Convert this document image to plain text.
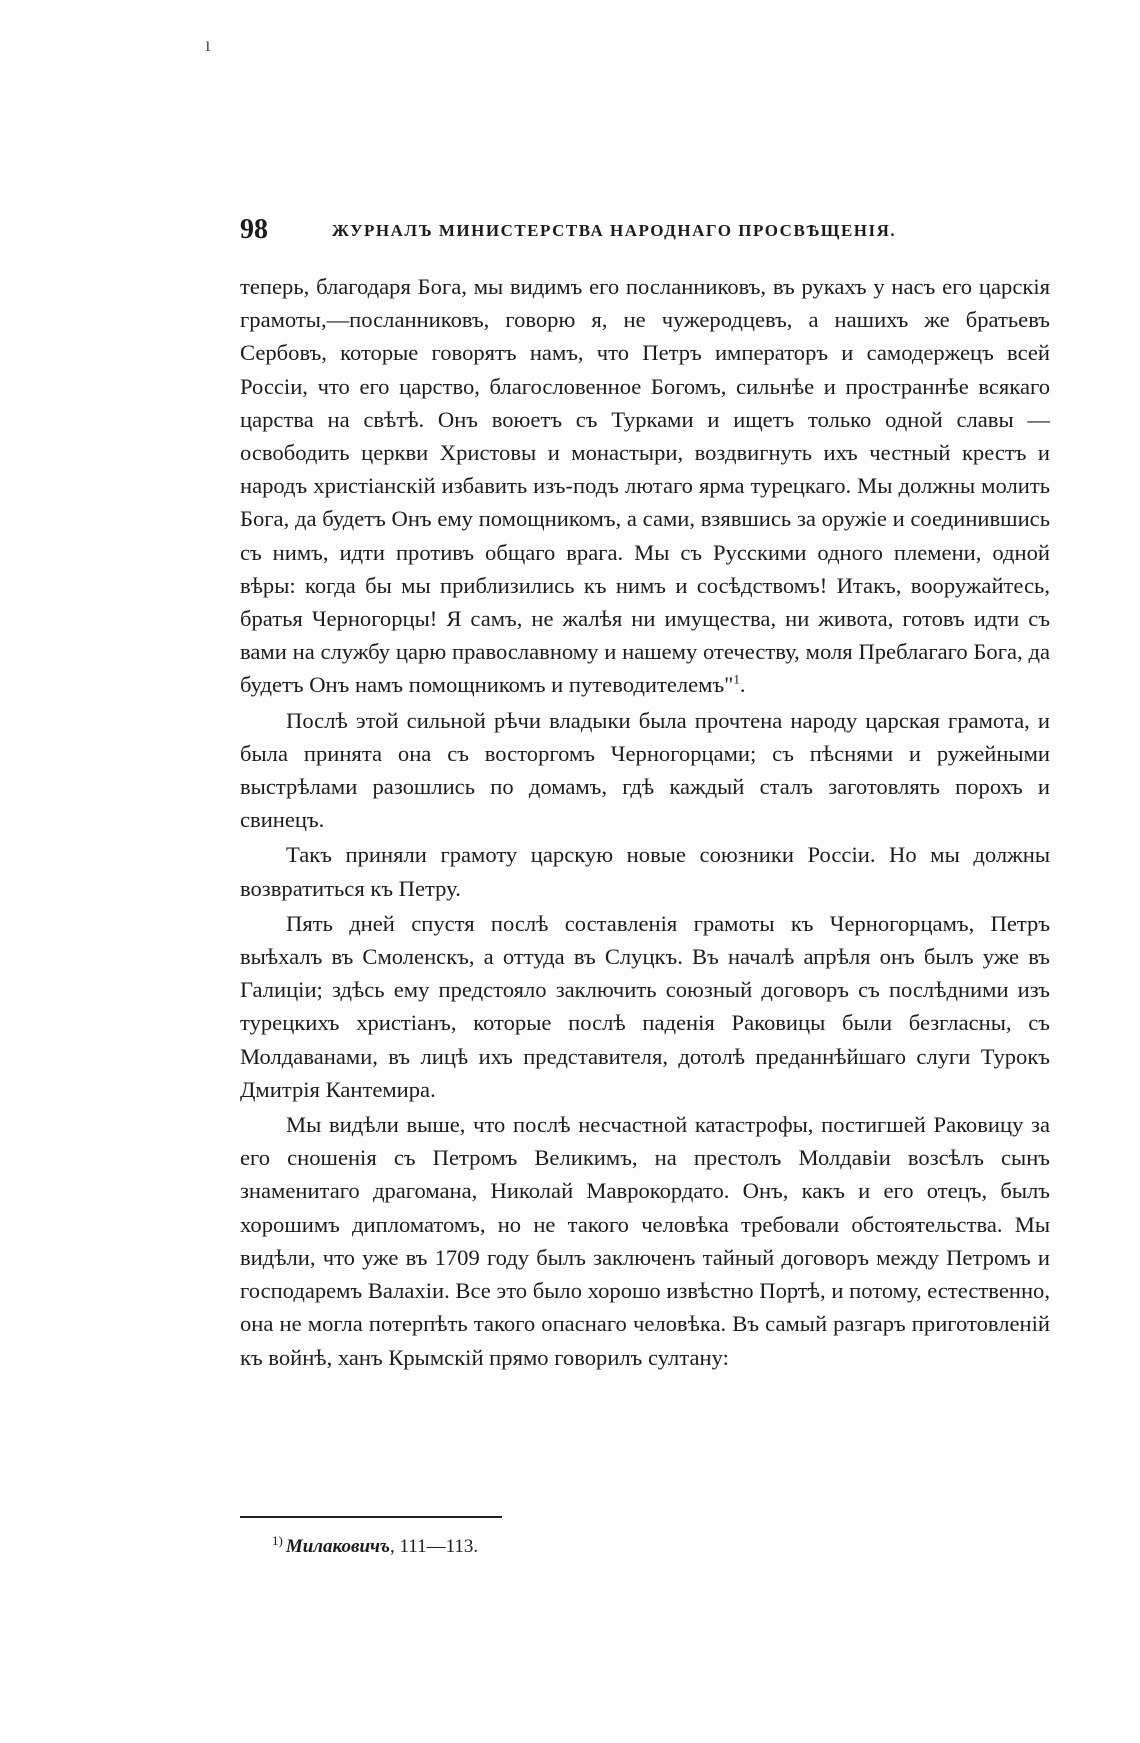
ı
98	ЖУРНАЛЪ МИНИСТЕРСТВА НАРОДНАГО ПРОСВѢЩЕНІЯ.

теперь, благодаря Бога, мы видимъ его посланниковъ, въ рукахъ у насъ его царскія грамоты,—посланниковъ, говорю я, не чужеродцевъ, а нашихъ же братьевъ Сербовъ, которые говорятъ намъ, что Петръ императоръ и самодержецъ всей Россіи, что его царство, благословенное Богомъ, сильнѣе и пространнѣе всякаго царства на свѣтѣ. Онъ воюетъ съ Турками и ищетъ только одной славы — освободить церкви Христовы и монастыри, воздвигнуть ихъ честный крестъ и народъ христіанскій избавить изъ-подъ лютаго ярма турецкаго. Мы должны молить Бога, да будетъ Онъ ему помощникомъ, а сами, взявшись за оружіе и соединившись съ нимъ, идти противъ общаго врага. Мы съ Русскими одного племени, одной вѣры: когда бы мы приблизились къ нимъ и сосѣдствомъ! Итакъ, вооружайтесь, братья Черногорцы! Я самъ, не жалѣя ни имущества, ни живота, готовъ идти съ вами на службу царю православному и нашему отечеству, моля Преблагаго Бога, да будетъ Онъ намъ помощникомъ и путеводителемъ"$^1$.

Послѣ этой сильной рѣчи владыки была прочтена народу царская грамота, и была принята она съ восторгомъ Черногорцами; съ пѣснями и ружейными выстрѣлами разошлись по домамъ, гдѣ каждый сталъ заготовлять порохъ и свинецъ.

Такъ приняли грамоту царскую новые союзники Россіи. Но мы должны возвратиться къ Петру.

Пять дней спустя послѣ составленія грамоты къ Черногорцамъ, Петръ выѣхалъ въ Смоленскъ, а оттуда въ Слуцкъ. Въ началѣ апрѣля онъ былъ уже въ Галиціи; здѣсь ему предстояло заключить союзный договоръ съ послѣдними изъ турецкихъ христіанъ, которые послѣ паденія Раковицы были безгласны, съ Молдаванами, въ лицѣ ихъ представителя, дотолѣ преданнѣйшаго слуги Турокъ Дмитрія Кантемира.

Мы видѣли выше, что послѣ несчастной катастрофы, постигшей Раковицу за его сношенія съ Петромъ Великимъ, на престолъ Молдавіи возсѣлъ сынъ знаменитаго драгомана, Николай Маврокордато. Онъ, какъ и его отецъ, былъ хорошимъ дипломатомъ, но не такого человѣка требовали обстоятельства. Мы видѣли, что уже въ 1709 году былъ заключенъ тайный договоръ между Петромъ и господаремъ Валахіи. Все это было хорошо извѣстно Портѣ, и потому, естественно, она не могла потерпѣть такого опаснаго человѣка. Въ самый разгаръ приготовленій къ войнѣ, ханъ Крымскій прямо говорилъ султану:

$^{1)}$ Милаковичъ, 111—113.
